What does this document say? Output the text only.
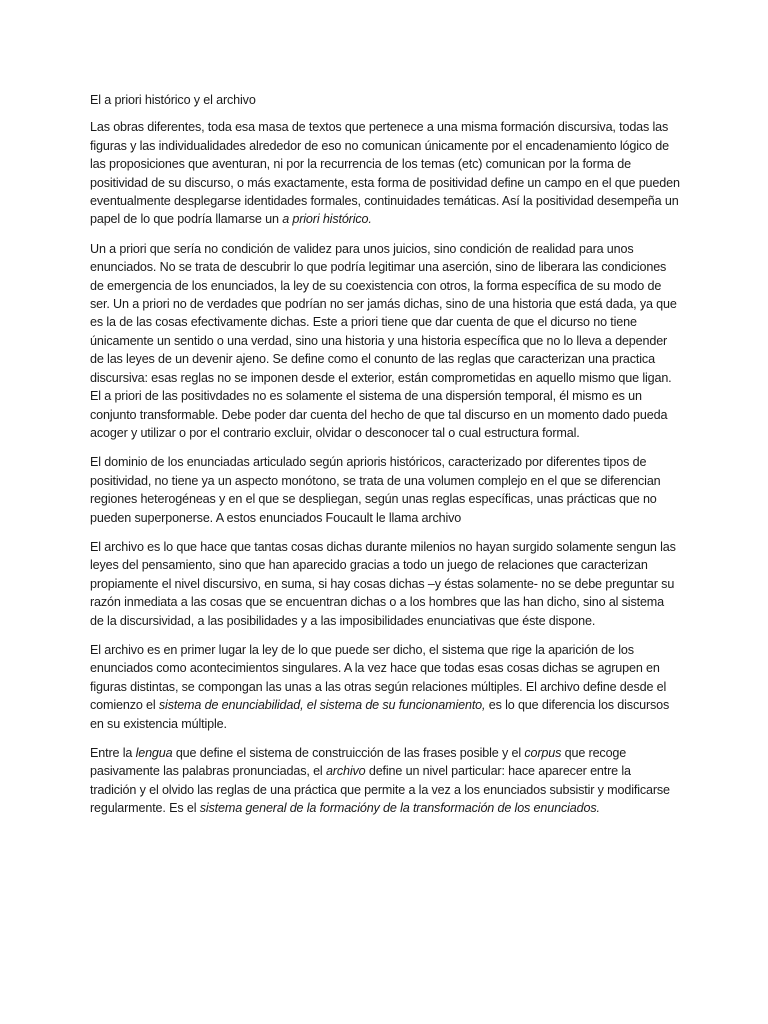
El a priori histórico y el archivo

Las obras diferentes, toda esa masa de textos que pertenece a una misma formación discursiva, todas las figuras y las individualidades alrededor de eso no comunican únicamente por el encadenamiento lógico de las proposiciones que aventuran, ni por la recurrencia de los temas (etc) comunican por la forma de positividad de su discurso, o más exactamente, esta forma de positividad define un campo en el que pueden eventualmente desplegarse identidades formales, continuidades temáticas. Así la positividad desempeña un papel de lo que podría llamarse un a priori histórico.

Un a priori que sería no condición de validez para unos juicios, sino condición de realidad para unos enunciados. No se trata de descubrir lo que podría legitimar una aserción, sino de liberara las condiciones de emergencia de los enunciados, la ley de su coexistencia con otros, la forma específica de su modo de ser. Un a priori no de verdades que podrían no ser jamás dichas, sino de una historia que está dada, ya que es la de las cosas efectivamente dichas. Este a priori tiene que dar cuenta de que el dicurso no tiene únicamente un sentido o una verdad, sino una historia y una historia específica que no lo lleva a depender de las leyes de un devenir ajeno. Se define como el conunto de las reglas que caracterizan una practica discursiva: esas reglas no se imponen desde el exterior, están comprometidas en aquello mismo que ligan. El a priori de las positivdades no es solamente el sistema de una dispersión temporal, él mismo es un conjunto transformable. Debe poder dar cuenta del hecho de que tal discurso en un momento dado pueda acoger y utilizar o por el contrario excluir, olvidar o desconocer tal o cual estructura formal.

El dominio de los enunciadas articulado según aprioris históricos, caracterizado por diferentes tipos de positividad, no tiene ya un aspecto monótono, se trata de una volumen complejo en el que se diferencian regiones heterogéneas y en el que se despliegan, según unas reglas específicas, unas prácticas que no pueden superponerse. A estos enunciados Foucault le llama archivo

El archivo es lo que hace que tantas cosas dichas durante milenios no hayan surgido solamente sengun las leyes del pensamiento, sino que han aparecido gracias a todo un juego de relaciones que caracterizan propiamente el nivel discursivo, en suma, si hay cosas dichas –y éstas solamente- no se debe preguntar su razón inmediata a las cosas que se encuentran dichas o a los hombres que las han dicho, sino al sistema de la discursividad, a las posibilidades y a las imposibilidades enunciativas que éste dispone.

El archivo es en primer lugar la ley de lo que puede ser dicho, el sistema que rige la aparición de los enunciados como acontecimientos singulares. A la vez hace que todas esas cosas dichas se agrupen en figuras distintas, se compongan las unas a las otras según relaciones múltiples. El archivo define desde el comienzo el sistema de enunciabilidad, el sistema de su funcionamiento, es lo que diferencia los discursos en su existencia múltiple.

Entre la lengua que define el sistema de construicción de las frases posible y el corpus que recoge pasivamente las palabras pronunciadas, el archivo define un nivel particular: hace aparecer entre la tradición y el olvido las reglas de una práctica que permite a la vez a los enunciados subsistir y modificarse regularmente. Es el sistema general de la formacióny de la transformación de los enunciados.
